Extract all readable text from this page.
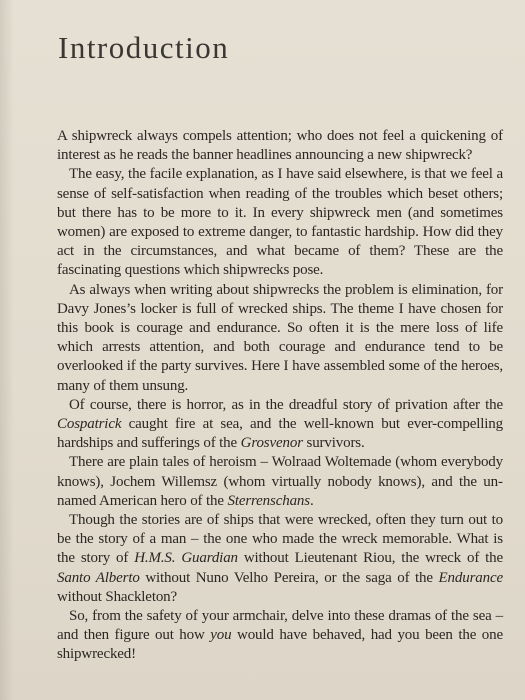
Introduction

A shipwreck always compels attention; who does not feel a quickening of interest as he reads the banner headlines announcing a new shipwreck?

The easy, the facile explanation, as I have said elsewhere, is that we feel a sense of self-satisfaction when reading of the troubles which beset others; but there has to be more to it. In every shipwreck men (and sometimes women) are exposed to extreme danger, to fantastic hardship. How did they act in the circumstances, and what became of them? These are the fascinating questions which shipwrecks pose.

As always when writing about shipwrecks the problem is elimination, for Davy Jones’s locker is full of wrecked ships. The theme I have chosen for this book is courage and endurance. So often it is the mere loss of life which arrests attention, and both courage and endurance tend to be overlooked if the party survives. Here I have assembled some of the heroes, many of them unsung.

Of course, there is horror, as in the dreadful story of privation after the Cospatrick caught fire at sea, and the well-known but ever-compelling hardships and sufferings of the Grosvenor survivors.

There are plain tales of heroism – Wolraad Woltemade (whom everybody knows), Jochem Willemsz (whom virtually nobody knows), and the unnamed American hero of the Sterrenschans.

Though the stories are of ships that were wrecked, often they turn out to be the story of a man – the one who made the wreck memorable. What is the story of H.M.S. Guardian without Lieutenant Riou, the wreck of the Santo Alberto without Nuno Velho Pereira, or the saga of the Endurance without Shackleton?

So, from the safety of your armchair, delve into these dramas of the sea – and then figure out how you would have behaved, had you been the one shipwrecked!
